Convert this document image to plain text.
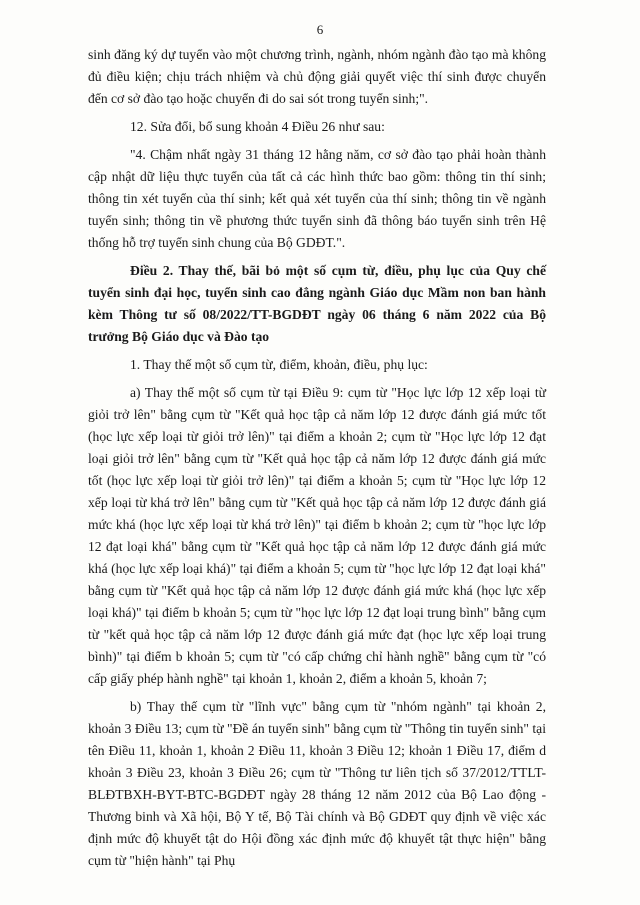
6

sinh đăng ký dự tuyển vào một chương trình, ngành, nhóm ngành đào tạo mà không đủ điều kiện; chịu trách nhiệm và chủ động giải quyết việc thí sinh được chuyển đến cơ sở đào tạo hoặc chuyển đi do sai sót trong tuyển sinh;".

12. Sửa đổi, bổ sung khoản 4 Điều 26 như sau:

"4. Chậm nhất ngày 31 tháng 12 hằng năm, cơ sở đào tạo phải hoàn thành cập nhật dữ liệu thực tuyển của tất cả các hình thức bao gồm: thông tin thí sinh; thông tin xét tuyển của thí sinh; kết quả xét tuyển của thí sinh; thông tin về ngành tuyển sinh; thông tin về phương thức tuyển sinh đã thông báo tuyển sinh trên Hệ thống hỗ trợ tuyển sinh chung của Bộ GDĐT.".

Điều 2. Thay thế, bãi bỏ một số cụm từ, điều, phụ lục của Quy chế tuyển sinh đại học, tuyển sinh cao đẳng ngành Giáo dục Mầm non ban hành kèm Thông tư số 08/2022/TT-BGDĐT ngày 06 tháng 6 năm 2022 của Bộ trưởng Bộ Giáo dục và Đào tạo

1. Thay thế một số cụm từ, điểm, khoản, điều, phụ lục:

a) Thay thế một số cụm từ tại Điều 9: cụm từ "Học lực lớp 12 xếp loại từ giỏi trở lên" bằng cụm từ "Kết quả học tập cả năm lớp 12 được đánh giá mức tốt (học lực xếp loại từ giỏi trở lên)" tại điểm a khoản 2; cụm từ "Học lực lớp 12 đạt loại giỏi trở lên" bằng cụm từ "Kết quả học tập cả năm lớp 12 được đánh giá mức tốt (học lực xếp loại từ giỏi trở lên)" tại điểm a khoản 5; cụm từ "Học lực lớp 12 xếp loại từ khá trở lên" bằng cụm từ "Kết quả học tập cả năm lớp 12 được đánh giá mức khá (học lực xếp loại từ khá trở lên)" tại điểm b khoản 2; cụm từ "học lực lớp 12 đạt loại khá" bằng cụm từ "Kết quả học tập cả năm lớp 12 được đánh giá mức khá (học lực xếp loại khá)" tại điểm a khoản 5; cụm từ "học lực lớp 12 đạt loại khá" bằng cụm từ "Kết quả học tập cả năm lớp 12 được đánh giá mức khá (học lực xếp loại khá)" tại điểm b khoản 5; cụm từ "học lực lớp 12 đạt loại trung bình" bằng cụm từ "kết quả học tập cả năm lớp 12 được đánh giá mức đạt (học lực xếp loại trung bình)" tại điểm b khoản 5; cụm từ "có cấp chứng chỉ hành nghề" bằng cụm từ "có cấp giấy phép hành nghề" tại khoản 1, khoản 2, điểm a khoản 5, khoản 7;

b) Thay thế cụm từ "lĩnh vực" bằng cụm từ "nhóm ngành" tại khoản 2, khoản 3 Điều 13; cụm từ "Đề án tuyển sinh" bằng cụm từ "Thông tin tuyển sinh" tại tên Điều 11, khoản 1, khoản 2 Điều 11, khoản 3 Điều 12; khoản 1 Điều 17, điểm d khoản 3 Điều 23, khoản 3 Điều 26; cụm từ "Thông tư liên tịch số 37/2012/TTLT- BLĐTBXH-BYT-BTC-BGDĐT ngày 28 tháng 12 năm 2012 của Bộ Lao động - Thương binh và Xã hội, Bộ Y tế, Bộ Tài chính và Bộ GDĐT quy định về việc xác định mức độ khuyết tật do Hội đồng xác định mức độ khuyết tật thực hiện" bằng cụm từ "hiện hành" tại Phụ
